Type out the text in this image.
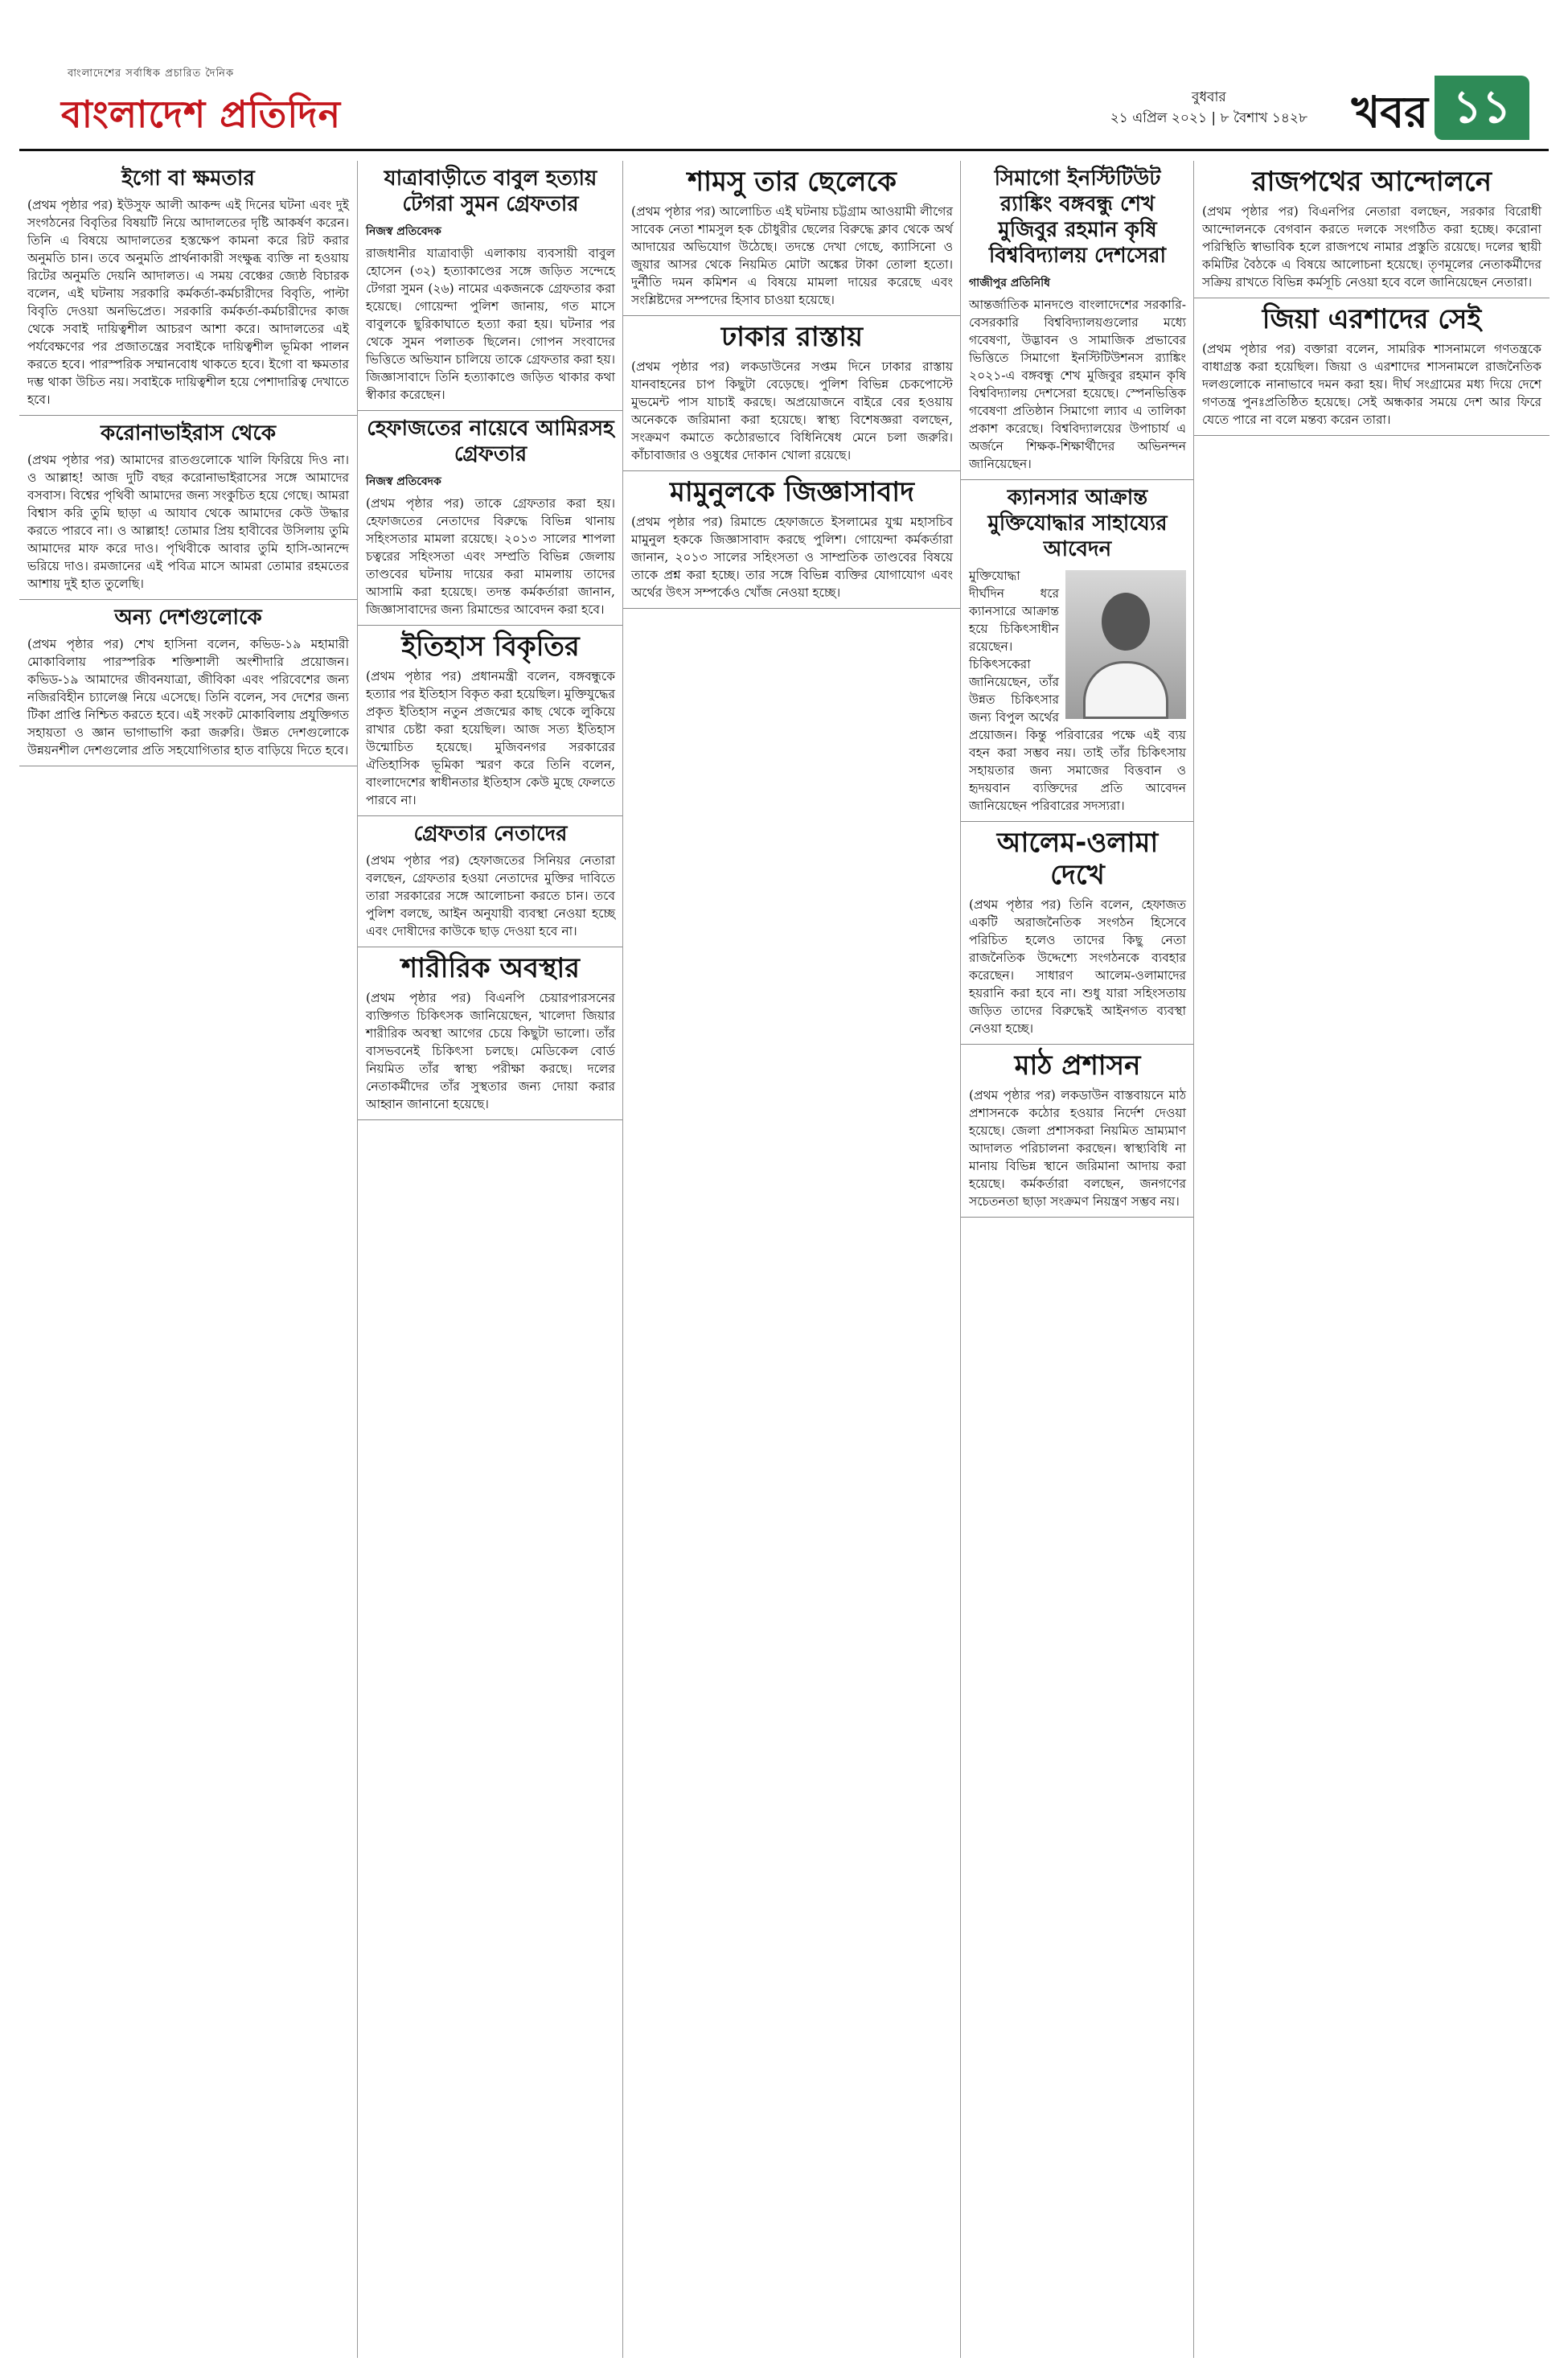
বাংলাদেশের সর্বাধিক প্রচারিত দৈনিক
বাংলাদেশ প্রতিদিন	বুধবার
২১ এপ্রিল ২০২১ | ৮ বৈশাখ ১৪২৮ খবর ১১
ইগো বা ক্ষমতার

(প্রথম পৃষ্ঠার পর) ইউসুফ আলী আকন্দ এই দিনের ঘটনা এবং দুই সংগঠনের বিবৃতির বিষয়টি নিয়ে আদালতের দৃষ্টি আকর্ষণ করেন। তিনি এ বিষয়ে আদালতের হস্তক্ষেপ কামনা করে রিট করার অনুমতি চান। তবে অনুমতি প্রার্থনাকারী সংক্ষুব্ধ ব্যক্তি না হওয়ায় রিটের অনুমতি দেয়নি আদালত। এ সময় বেঞ্চের জ্যেষ্ঠ বিচারক বলেন, এই ঘটনায় সরকারি কর্মকর্তা-কর্মচারীদের বিবৃতি, পাল্টা বিবৃতি দেওয়া অনভিপ্রেত। সরকারি কর্মকর্তা-কর্মচারীদের কাজ থেকে সবাই দায়িত্বশীল আচরণ আশা করে। আদালতের এই পর্যবেক্ষণের পর প্রজাতন্ত্রের সবাইকে দায়িত্বশীল ভূমিকা পালন করতে হবে। পারস্পরিক সম্মানবোধ থাকতে হবে। ইগো বা ক্ষমতার দম্ভ থাকা উচিত নয়। সবাইকে দায়িত্বশীল হয়ে পেশাদারিত্ব দেখাতে হবে।

করোনাভাইরাস থেকে

(প্রথম পৃষ্ঠার পর) আমাদের রাতগুলোকে খালি ফিরিয়ে দিও না। ও আল্লাহ! আজ দুটি বছর করোনাভাইরাসের সঙ্গে আমাদের বসবাস। বিশ্বের পৃথিবী আমাদের জন্য সংকুচিত হয়ে গেছে। আমরা বিশ্বাস করি তুমি ছাড়া এ আযাব থেকে আমাদের কেউ উদ্ধার করতে পারবে না। ও আল্লাহ! তোমার প্রিয় হাবীবের উসিলায় তুমি আমাদের মাফ করে দাও। পৃথিবীকে আবার তুমি হাসি-আনন্দে ভরিয়ে দাও। রমজানের এই পবিত্র মাসে আমরা তোমার রহমতের আশায় দুই হাত তুলেছি।

অন্য দেশগুলোকে

(প্রথম পৃষ্ঠার পর) শেখ হাসিনা বলেন, কভিড-১৯ মহামারী মোকাবিলায় পারস্পরিক শক্তিশালী অংশীদারি প্রয়োজন। কভিড-১৯ আমাদের জীবনযাত্রা, জীবিকা এবং পরিবেশের জন্য নজিরবিহীন চ্যালেঞ্জ নিয়ে এসেছে। তিনি বলেন, সব দেশের জন্য টিকা প্রাপ্তি নিশ্চিত করতে হবে। এই সংকট মোকাবিলায় প্রযুক্তিগত সহায়তা ও জ্ঞান ভাগাভাগি করা জরুরি। উন্নত দেশগুলোকে উন্নয়নশীল দেশগুলোর প্রতি সহযোগিতার হাত বাড়িয়ে দিতে হবে।

যাত্রাবাড়ীতে বাবুল হত্যায় টেগরা সুমন গ্রেফতার
নিজস্ব প্রতিবেদক

রাজধানীর যাত্রাবাড়ী এলাকায় ব্যবসায়ী বাবুল হোসেন (৩২) হত্যাকাণ্ডের সঙ্গে জড়িত সন্দেহে টেগরা সুমন (২৬) নামের একজনকে গ্রেফতার করা হয়েছে। গোয়েন্দা পুলিশ জানায়, গত মাসে বাবুলকে ছুরিকাঘাতে হত্যা করা হয়। ঘটনার পর থেকে সুমন পলাতক ছিলেন। গোপন সংবাদের ভিত্তিতে অভিযান চালিয়ে তাকে গ্রেফতার করা হয়। জিজ্ঞাসাবাদে তিনি হত্যাকাণ্ডে জড়িত থাকার কথা স্বীকার করেছেন।

হেফাজতের নায়েবে আমিরসহ গ্রেফতার
নিজস্ব প্রতিবেদক

(প্রথম পৃষ্ঠার পর) তাকে গ্রেফতার করা হয়। হেফাজতের নেতাদের বিরুদ্ধে বিভিন্ন থানায় সহিংসতার মামলা রয়েছে। ২০১৩ সালের শাপলা চত্বরের সহিংসতা এবং সম্প্রতি বিভিন্ন জেলায় তাণ্ডবের ঘটনায় দায়ের করা মামলায় তাদের আসামি করা হয়েছে। তদন্ত কর্মকর্তারা জানান, জিজ্ঞাসাবাদের জন্য রিমান্ডের আবেদন করা হবে।

ইতিহাস বিকৃতির

(প্রথম পৃষ্ঠার পর) প্রধানমন্ত্রী বলেন, বঙ্গবন্ধুকে হত্যার পর ইতিহাস বিকৃত করা হয়েছিল। মুক্তিযুদ্ধের প্রকৃত ইতিহাস নতুন প্রজন্মের কাছ থেকে লুকিয়ে রাখার চেষ্টা করা হয়েছিল। আজ সত্য ইতিহাস উন্মোচিত হয়েছে। মুজিবনগর সরকারের ঐতিহাসিক ভূমিকা স্মরণ করে তিনি বলেন, বাংলাদেশের স্বাধীনতার ইতিহাস কেউ মুছে ফেলতে পারবে না।

গ্রেফতার নেতাদের

(প্রথম পৃষ্ঠার পর) হেফাজতের সিনিয়র নেতারা বলছেন, গ্রেফতার হওয়া নেতাদের মুক্তির দাবিতে তারা সরকারের সঙ্গে আলোচনা করতে চান। তবে পুলিশ বলছে, আইন অনুযায়ী ব্যবস্থা নেওয়া হচ্ছে এবং দোষীদের কাউকে ছাড় দেওয়া হবে না।

শারীরিক অবস্থার

(প্রথম পৃষ্ঠার পর) বিএনপি চেয়ারপারসনের ব্যক্তিগত চিকিৎসক জানিয়েছেন, খালেদা জিয়ার শারীরিক অবস্থা আগের চেয়ে কিছুটা ভালো। তাঁর বাসভবনেই চিকিৎসা চলছে। মেডিকেল বোর্ড নিয়মিত তাঁর স্বাস্থ্য পরীক্ষা করছে। দলের নেতাকর্মীদের তাঁর সুস্থতার জন্য দোয়া করার আহ্বান জানানো হয়েছে।

শামসু তার ছেলেকে

(প্রথম পৃষ্ঠার পর) আলোচিত এই ঘটনায় চট্টগ্রাম আওয়ামী লীগের সাবেক নেতা শামসুল হক চৌধুরীর ছেলের বিরুদ্ধে ক্লাব থেকে অর্থ আদায়ের অভিযোগ উঠেছে। তদন্তে দেখা গেছে, ক্যাসিনো ও জুয়ার আসর থেকে নিয়মিত মোটা অঙ্কের টাকা তোলা হতো। দুর্নীতি দমন কমিশন এ বিষয়ে মামলা দায়ের করেছে এবং সংশ্লিষ্টদের সম্পদের হিসাব চাওয়া হয়েছে।

ঢাকার রাস্তায়

(প্রথম পৃষ্ঠার পর) লকডাউনের সপ্তম দিনে ঢাকার রাস্তায় যানবাহনের চাপ কিছুটা বেড়েছে। পুলিশ বিভিন্ন চেকপোস্টে মুভমেন্ট পাস যাচাই করছে। অপ্রয়োজনে বাইরে বের হওয়ায় অনেককে জরিমানা করা হয়েছে। স্বাস্থ্য বিশেষজ্ঞরা বলছেন, সংক্রমণ কমাতে কঠোরভাবে বিধিনিষেধ মেনে চলা জরুরি। কাঁচাবাজার ও ওষুধের দোকান খোলা রয়েছে।

মামুনুলকে জিজ্ঞাসাবাদ

(প্রথম পৃষ্ঠার পর) রিমান্ডে হেফাজতে ইসলামের যুগ্ম মহাসচিব মামুনুল হককে জিজ্ঞাসাবাদ করছে পুলিশ। গোয়েন্দা কর্মকর্তারা জানান, ২০১৩ সালের সহিংসতা ও সাম্প্রতিক তাণ্ডবের বিষয়ে তাকে প্রশ্ন করা হচ্ছে। তার সঙ্গে বিভিন্ন ব্যক্তির যোগাযোগ এবং অর্থের উৎস সম্পর্কেও খোঁজ নেওয়া হচ্ছে।

সিমাগো ইনস্টিটিউট র‌্যাঙ্কিং বঙ্গবন্ধু শেখ মুজিবুর রহমান কৃষি বিশ্ববিদ্যালয় দেশসেরা
গাজীপুর প্রতিনিধি

আন্তর্জাতিক মানদণ্ডে বাংলাদেশের সরকারি-বেসরকারি বিশ্ববিদ্যালয়গুলোর মধ্যে গবেষণা, উদ্ভাবন ও সামাজিক প্রভাবের ভিত্তিতে সিমাগো ইনস্টিটিউশনস র‌্যাঙ্কিং ২০২১-এ বঙ্গবন্ধু শেখ মুজিবুর রহমান কৃষি বিশ্ববিদ্যালয় দেশসেরা হয়েছে। স্পেনভিত্তিক গবেষণা প্রতিষ্ঠান সিমাগো ল্যাব এ তালিকা প্রকাশ করেছে। বিশ্ববিদ্যালয়ের উপাচার্য এ অর্জনে শিক্ষক-শিক্ষার্থীদের অভিনন্দন জানিয়েছেন।

ক্যানসার আক্রান্ত মুক্তিযোদ্ধার সাহায্যের আবেদন

মুক্তিযোদ্ধা দীর্ঘদিন ধরে ক্যানসারে আক্রান্ত হয়ে চিকিৎসাধীন রয়েছেন। চিকিৎসকেরা জানিয়েছেন, তাঁর উন্নত চিকিৎসার জন্য বিপুল অর্থের প্রয়োজন। কিন্তু পরিবারের পক্ষে এই ব্যয় বহন করা সম্ভব নয়। তাই তাঁর চিকিৎসায় সহায়তার জন্য সমাজের বিত্তবান ও হৃদয়বান ব্যক্তিদের প্রতি আবেদন জানিয়েছেন পরিবারের সদস্যরা।

আলেম-ওলামা দেখে

(প্রথম পৃষ্ঠার পর) তিনি বলেন, হেফাজত একটি অরাজনৈতিক সংগঠন হিসেবে পরিচিত হলেও তাদের কিছু নেতা রাজনৈতিক উদ্দেশ্যে সংগঠনকে ব্যবহার করেছেন। সাধারণ আলেম-ওলামাদের হয়রানি করা হবে না। শুধু যারা সহিংসতায় জড়িত তাদের বিরুদ্ধেই আইনগত ব্যবস্থা নেওয়া হচ্ছে।

মাঠ প্রশাসন

(প্রথম পৃষ্ঠার পর) লকডাউন বাস্তবায়নে মাঠ প্রশাসনকে কঠোর হওয়ার নির্দেশ দেওয়া হয়েছে। জেলা প্রশাসকরা নিয়মিত ভ্রাম্যমাণ আদালত পরিচালনা করছেন। স্বাস্থ্যবিধি না মানায় বিভিন্ন স্থানে জরিমানা আদায় করা হয়েছে। কর্মকর্তারা বলছেন, জনগণের সচেতনতা ছাড়া সংক্রমণ নিয়ন্ত্রণ সম্ভব নয়।

রাজপথের আন্দোলনে

(প্রথম পৃষ্ঠার পর) বিএনপির নেতারা বলছেন, সরকার বিরোধী আন্দোলনকে বেগবান করতে দলকে সংগঠিত করা হচ্ছে। করোনা পরিস্থিতি স্বাভাবিক হলে রাজপথে নামার প্রস্তুতি রয়েছে। দলের স্থায়ী কমিটির বৈঠকে এ বিষয়ে আলোচনা হয়েছে। তৃণমূলের নেতাকর্মীদের সক্রিয় রাখতে বিভিন্ন কর্মসূচি নেওয়া হবে বলে জানিয়েছেন নেতারা।

জিয়া এরশাদের সেই

(প্রথম পৃষ্ঠার পর) বক্তারা বলেন, সামরিক শাসনামলে গণতন্ত্রকে বাধাগ্রস্ত করা হয়েছিল। জিয়া ও এরশাদের শাসনামলে রাজনৈতিক দলগুলোকে নানাভাবে দমন করা হয়। দীর্ঘ সংগ্রামের মধ্য দিয়ে দেশে গণতন্ত্র পুনঃপ্রতিষ্ঠিত হয়েছে। সেই অন্ধকার সময়ে দেশ আর ফিরে যেতে পারে না বলে মন্তব্য করেন তারা।
